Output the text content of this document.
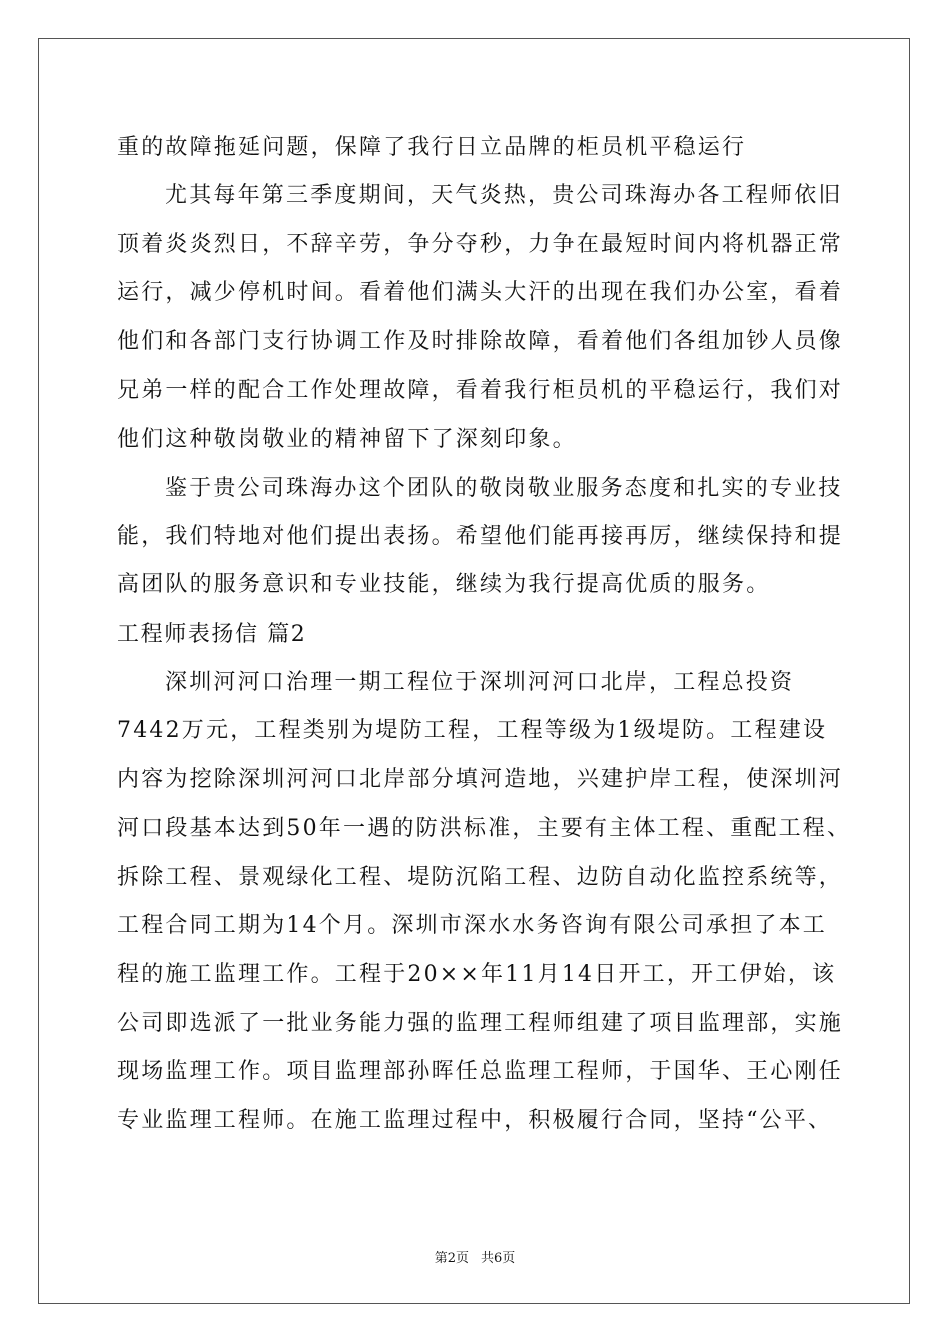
重的故障拖延问题，保障了我行日立品牌的柜员机平稳运行
尤其每年第三季度期间，天气炎热，贵公司珠海办各工程师依旧
顶着炎炎烈日，不辞辛劳，争分夺秒，力争在最短时间内将机器正常
运行，减少停机时间。看着他们满头大汗的出现在我们办公室，看着
他们和各部门支行协调工作及时排除故障，看着他们各组加钞人员像
兄弟一样的配合工作处理故障，看着我行柜员机的平稳运行，我们对
他们这种敬岗敬业的精神留下了深刻印象。
鉴于贵公司珠海办这个团队的敬岗敬业服务态度和扎实的专业技
能，我们特地对他们提出表扬。希望他们能再接再厉，继续保持和提
高团队的服务意识和专业技能，继续为我行提高优质的服务。
工程师表扬信 篇2
深圳河河口治理一期工程位于深圳河河口北岸，工程总投资
7442万元，工程类别为堤防工程，工程等级为1级堤防。工程建设
内容为挖除深圳河河口北岸部分填河造地，兴建护岸工程，使深圳河
河口段基本达到50年一遇的防洪标准，主要有主体工程、重配工程、
拆除工程、景观绿化工程、堤防沉陷工程、边防自动化监控系统等，
工程合同工期为14个月。深圳市深水水务咨询有限公司承担了本工
程的施工监理工作。工程于20××年11月14日开工，开工伊始，该
公司即选派了一批业务能力强的监理工程师组建了项目监理部，实施
现场监理工作。项目监理部孙晖任总监理工程师，于国华、王心刚任
专业监理工程师。在施工监理过程中，积极履行合同，坚持“公平、
第2页 共6页
